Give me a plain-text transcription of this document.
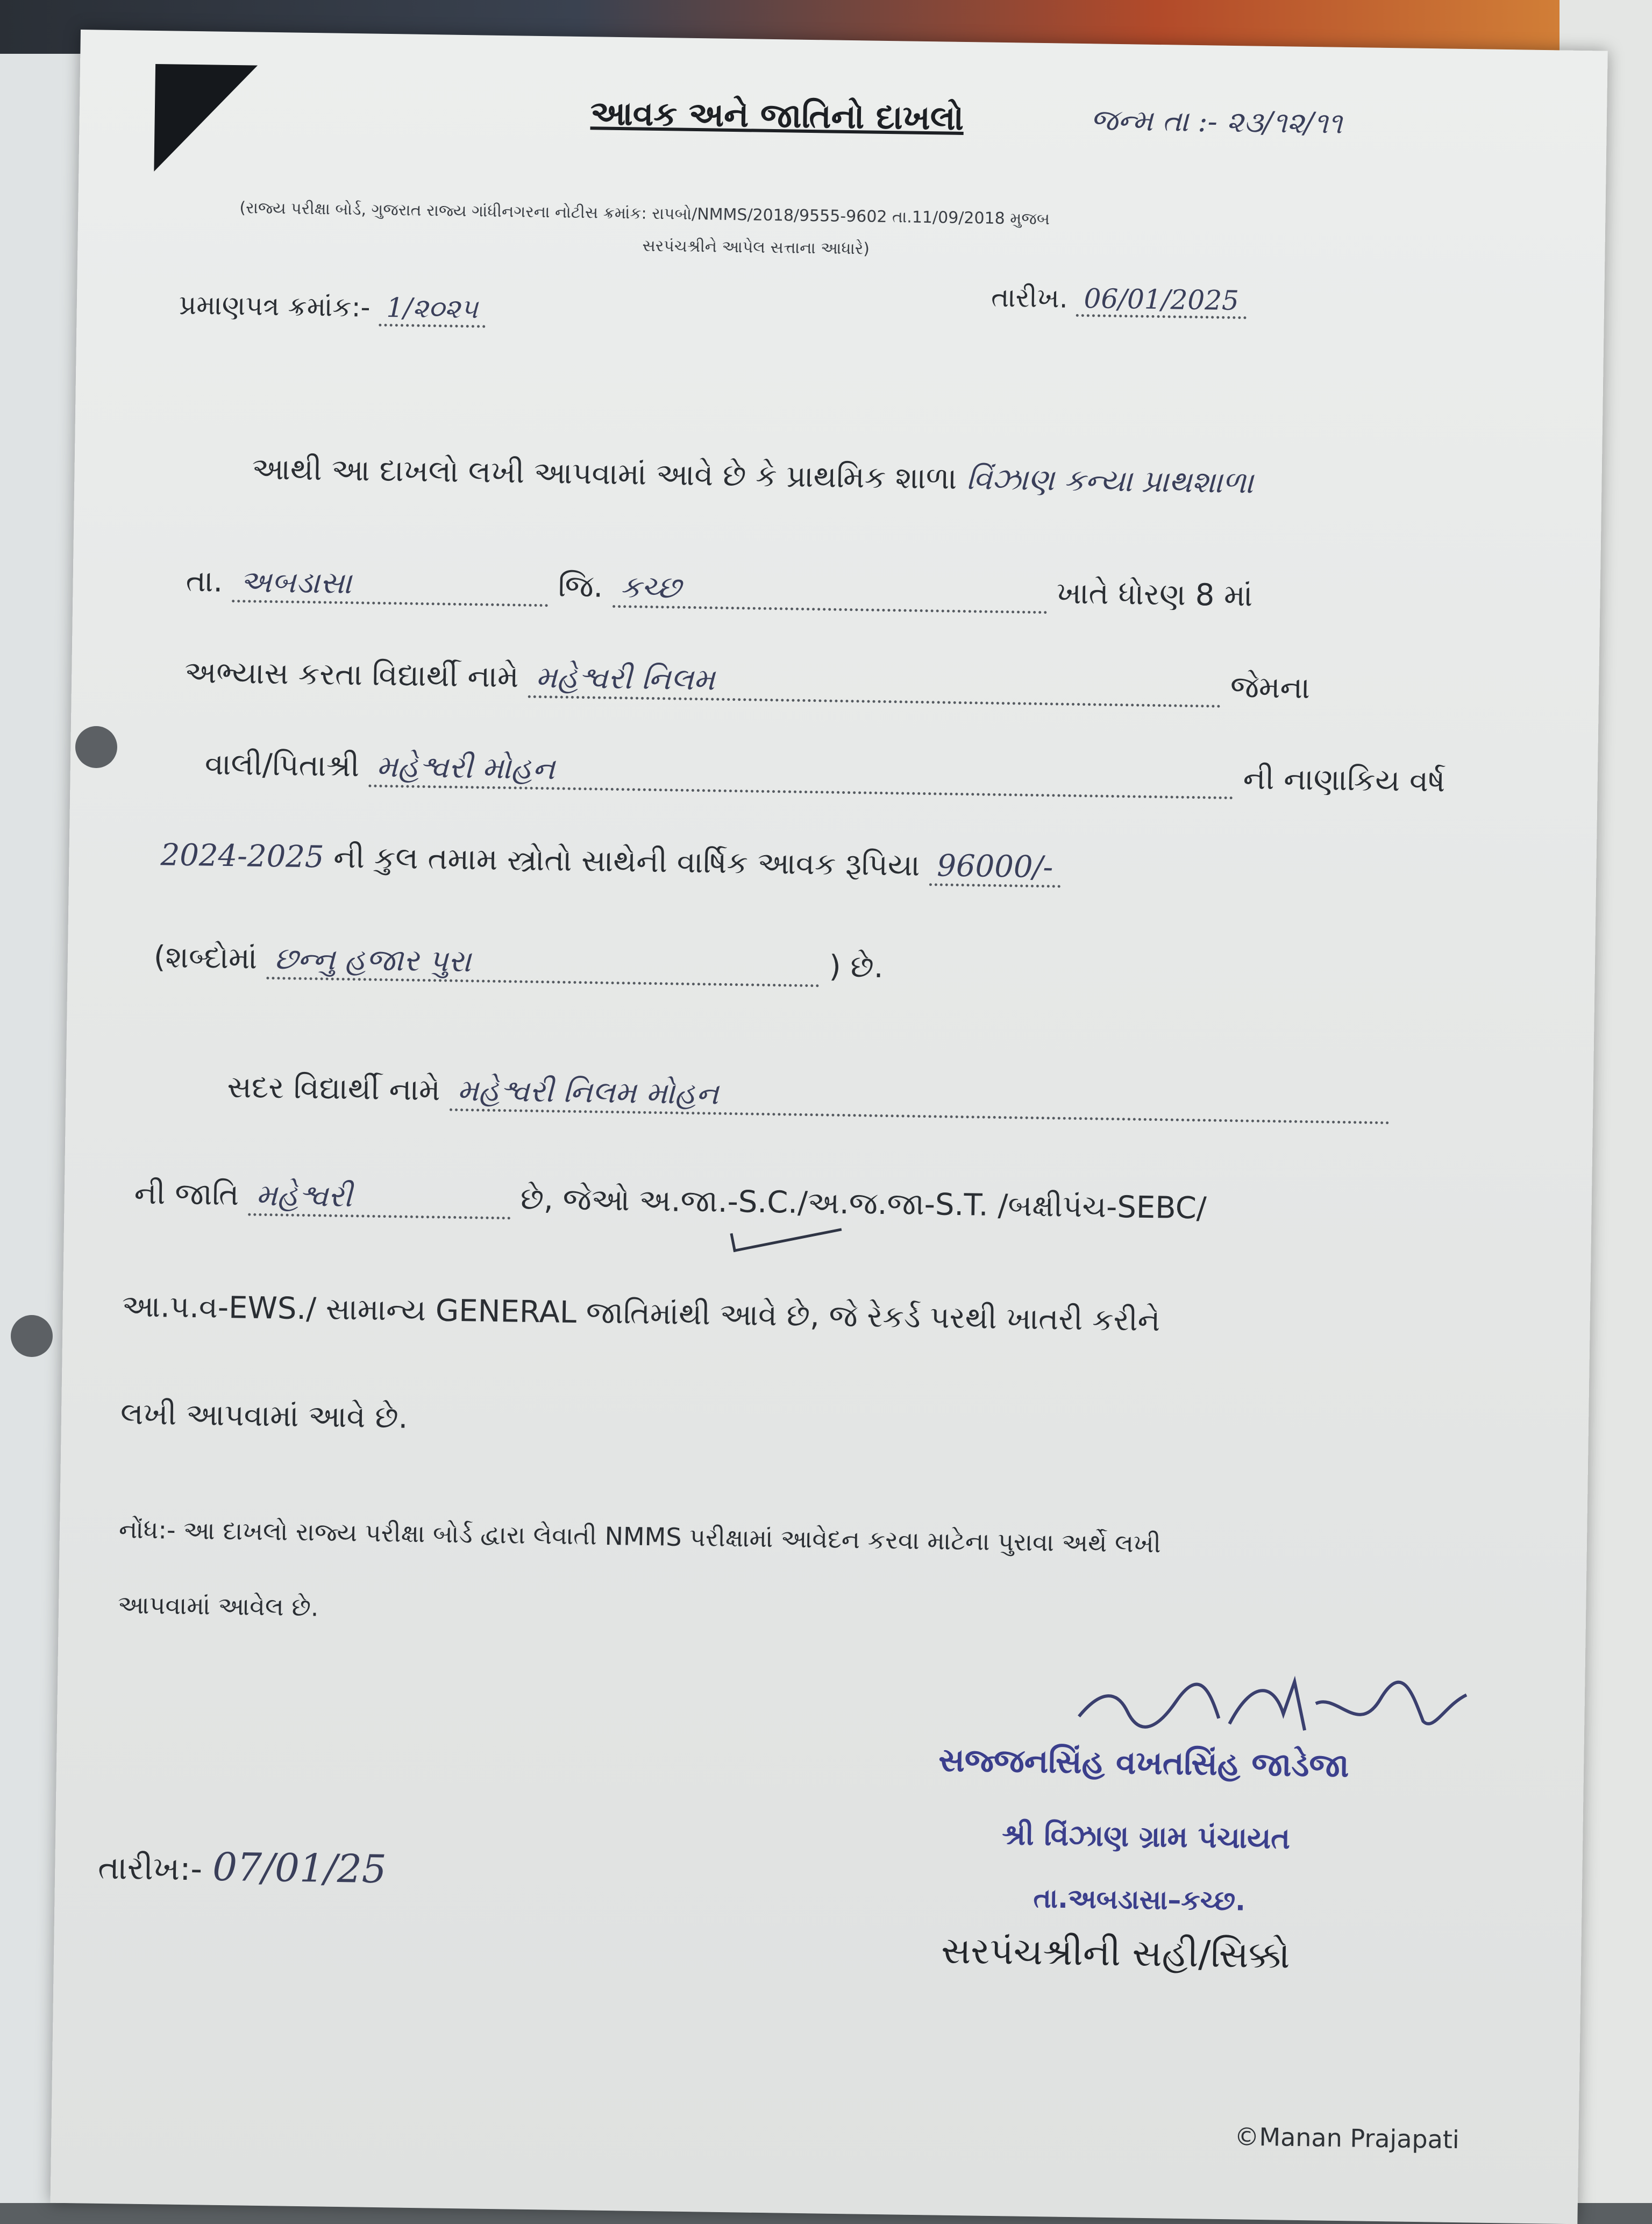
આવક અને જાતિનો દાખલો	જન્મ તા :- ૨૩/૧૨/૧૧
(રાજ્ય પરીક્ષા બોર્ડ, ગુજરાત રાજ્ય ગાંધીનગરના નોટીસ ક્રમાંક: રાપબો/NMMS/2018/9555-9602 તા.11/09/2018 મુજબ
સરપંચશ્રીને આપેલ સત્તાના આધારે)
પ્રમાણપત્ર ક્રમાંક:- 1/૨૦૨૫	તારીખ. 06/01/2025
આથી આ દાખલો લખી આપવામાં આવે છે કે પ્રાથમિક શાળા વિંઝાણ કન્યા પ્રાથશાળા
તા. અબડાસા	જિ. કચ્છ	ખાતે ધોરણ 8 માં
અભ્યાસ કરતા વિદ્યાર્થી નામે મહેશ્વરી નિલમ	જેમના
વાલી/પિતાશ્રી મહેશ્વરી મોહન	ની નાણાકિય વર્ષ
2024-2025 ની કુલ તમામ સ્ત્રોતો સાથેની વાર્ષિક આવક રૂપિયા 96000/-
(શબ્દોમાં છન્નુ હજાર પુરા	) છે.
સદર વિદ્યાર્થી નામે મહેશ્વરી નિલમ મોહન
ની જાતિ મહેશ્વરી	છે, જેઓ અ.જા.-S.C./અ.જ.જા-S.T. /બક્ષીપંચ-SEBC/
આ.પ.વ-EWS./ સામાન્ય GENERAL જાતિમાંથી આવે છે, જે રેકર્ડ પરથી ખાતરી કરીને
લખી આપવામાં આવે છે.
નોંધ:- આ દાખલો રાજ્ય પરીક્ષા બોર્ડ દ્વારા લેવાતી NMMS પરીક્ષામાં આવેદન કરવા માટેના પુરાવા અર્થે લખી
આપવામાં આવેલ છે.
સજ્જનસિંહ વખતસિંહ જાડેજા
શ્રી વિંઝાણ ગ્રામ પંચાયત
તા.અબડાસા–કચ્છ.
સરપંચશ્રીની સહી/સિક્કો
તારીખ:- 07/01/25
©Manan Prajapati
